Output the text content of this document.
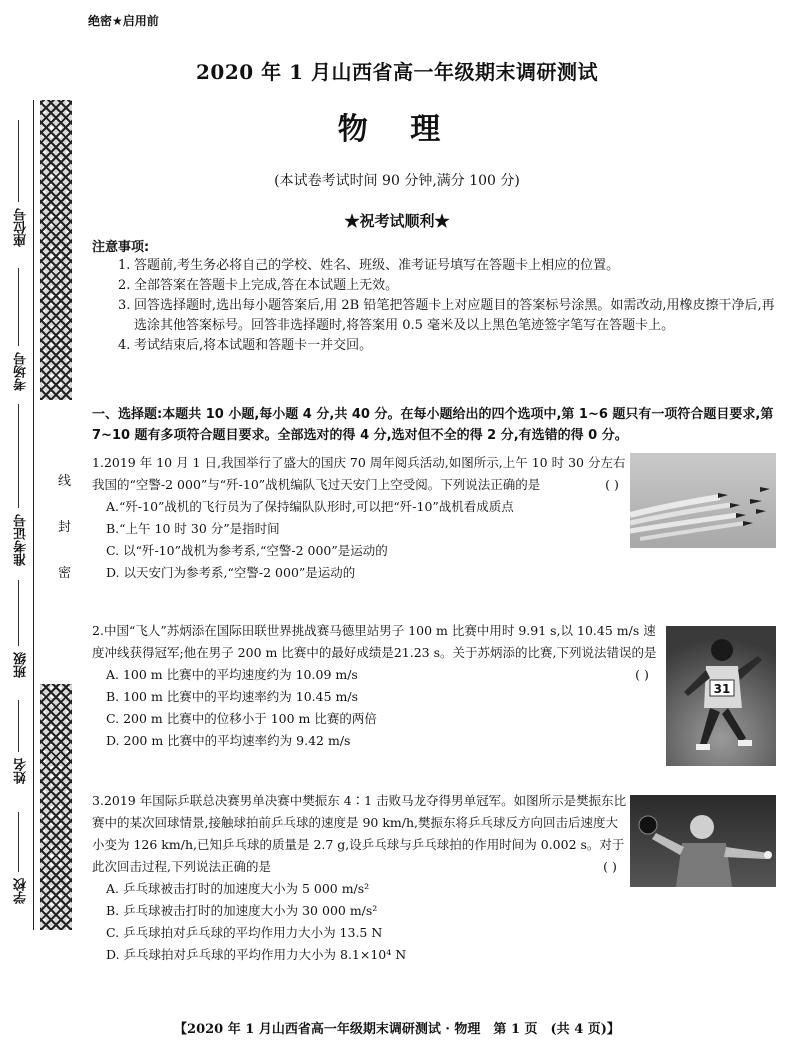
座位号
考场号
准考证号
班级
姓名
学校
线
封
密
绝密★启用前
2020 年 1 月山西省高一年级期末调研测试
物 理
(本试卷考试时间 90 分钟,满分 100 分)
★祝考试顺利★
注意事项:

1. 答题前,考生务必将自己的学校、姓名、班级、准考证号填写在答题卡上相应的位置。

2. 全部答案在答题卡上完成,答在本试题上无效。

3. 回答选择题时,选出每小题答案后,用 2B 铅笔把答题卡上对应题目的答案标号涂黑。如需改动,用橡皮擦干净后,再选涂其他答案标号。回答非选择题时,将答案用 0.5 毫米及以上黑色笔迹签字笔写在答题卡上。

4. 考试结束后,将本试题和答题卡一并交回。

一、选择题:本题共 10 小题,每小题 4 分,共 40 分。在每小题给出的四个选项中,第 1~6 题只有一项符合题目要求,第 7~10 题有多项符合题目要求。全部选对的得 4 分,选对但不全的得 2 分,有选错的得 0 分。

1.2019 年 10 月 1 日,我国举行了盛大的国庆 70 周年阅兵活动,如图所示,上午 10 时 30 分左右我国的“空警-2 000”与“歼-10”战机编队飞过天安门上空受阅。下列说法正确的是	( )

A.“歼-10”战机的飞行员为了保持编队队形时,可以把“歼-10”战机看成质点

B.“上午 10 时 30 分”是指时间

C. 以“歼-10”战机为参考系,“空警-2 000”是运动的

D. 以天安门为参考系,“空警-2 000”是运动的

2.中国“飞人”苏炳添在国际田联世界挑战赛马德里站男子 100 m 比赛中用时 9.91 s,以 10.45 m/s 速度冲线获得冠军;他在男子 200 m 比赛中的最好成绩是21.23 s。关于苏炳添的比赛,下列说法错误的是
( )

A. 100 m 比赛中的平均速度约为 10.09 m/s

B. 100 m 比赛中的平均速率约为 10.45 m/s

C. 200 m 比赛中的位移小于 100 m 比赛的两倍

D. 200 m 比赛中的平均速率约为 9.42 m/s

31

3.2019 年国际乒联总决赛男单决赛中樊振东 4∶1 击败马龙夺得男单冠军。如图所示是樊振东比赛中的某次回球情景,接触球拍前乒乓球的速度是 90 km/h,樊振东将乒乓球反方向回击后速度大小变为 126 km/h,已知乒乓球的质量是 2.7 g,设乒乓球与乒乓球拍的作用时间为 0.002 s。对于此次回击过程,下列说法正确的是	( )

A. 乒乓球被击打时的加速度大小为 5 000 m/s²

B. 乒乓球被击打时的加速度大小为 30 000 m/s²

C. 乒乓球拍对乒乓球的平均作用力大小为 13.5 N

D. 乒乓球拍对乒乓球的平均作用力大小为 8.1×10⁴ N

【2020 年 1 月山西省高一年级期末调研测试 · 物理　第 1 页　(共 4 页)】
